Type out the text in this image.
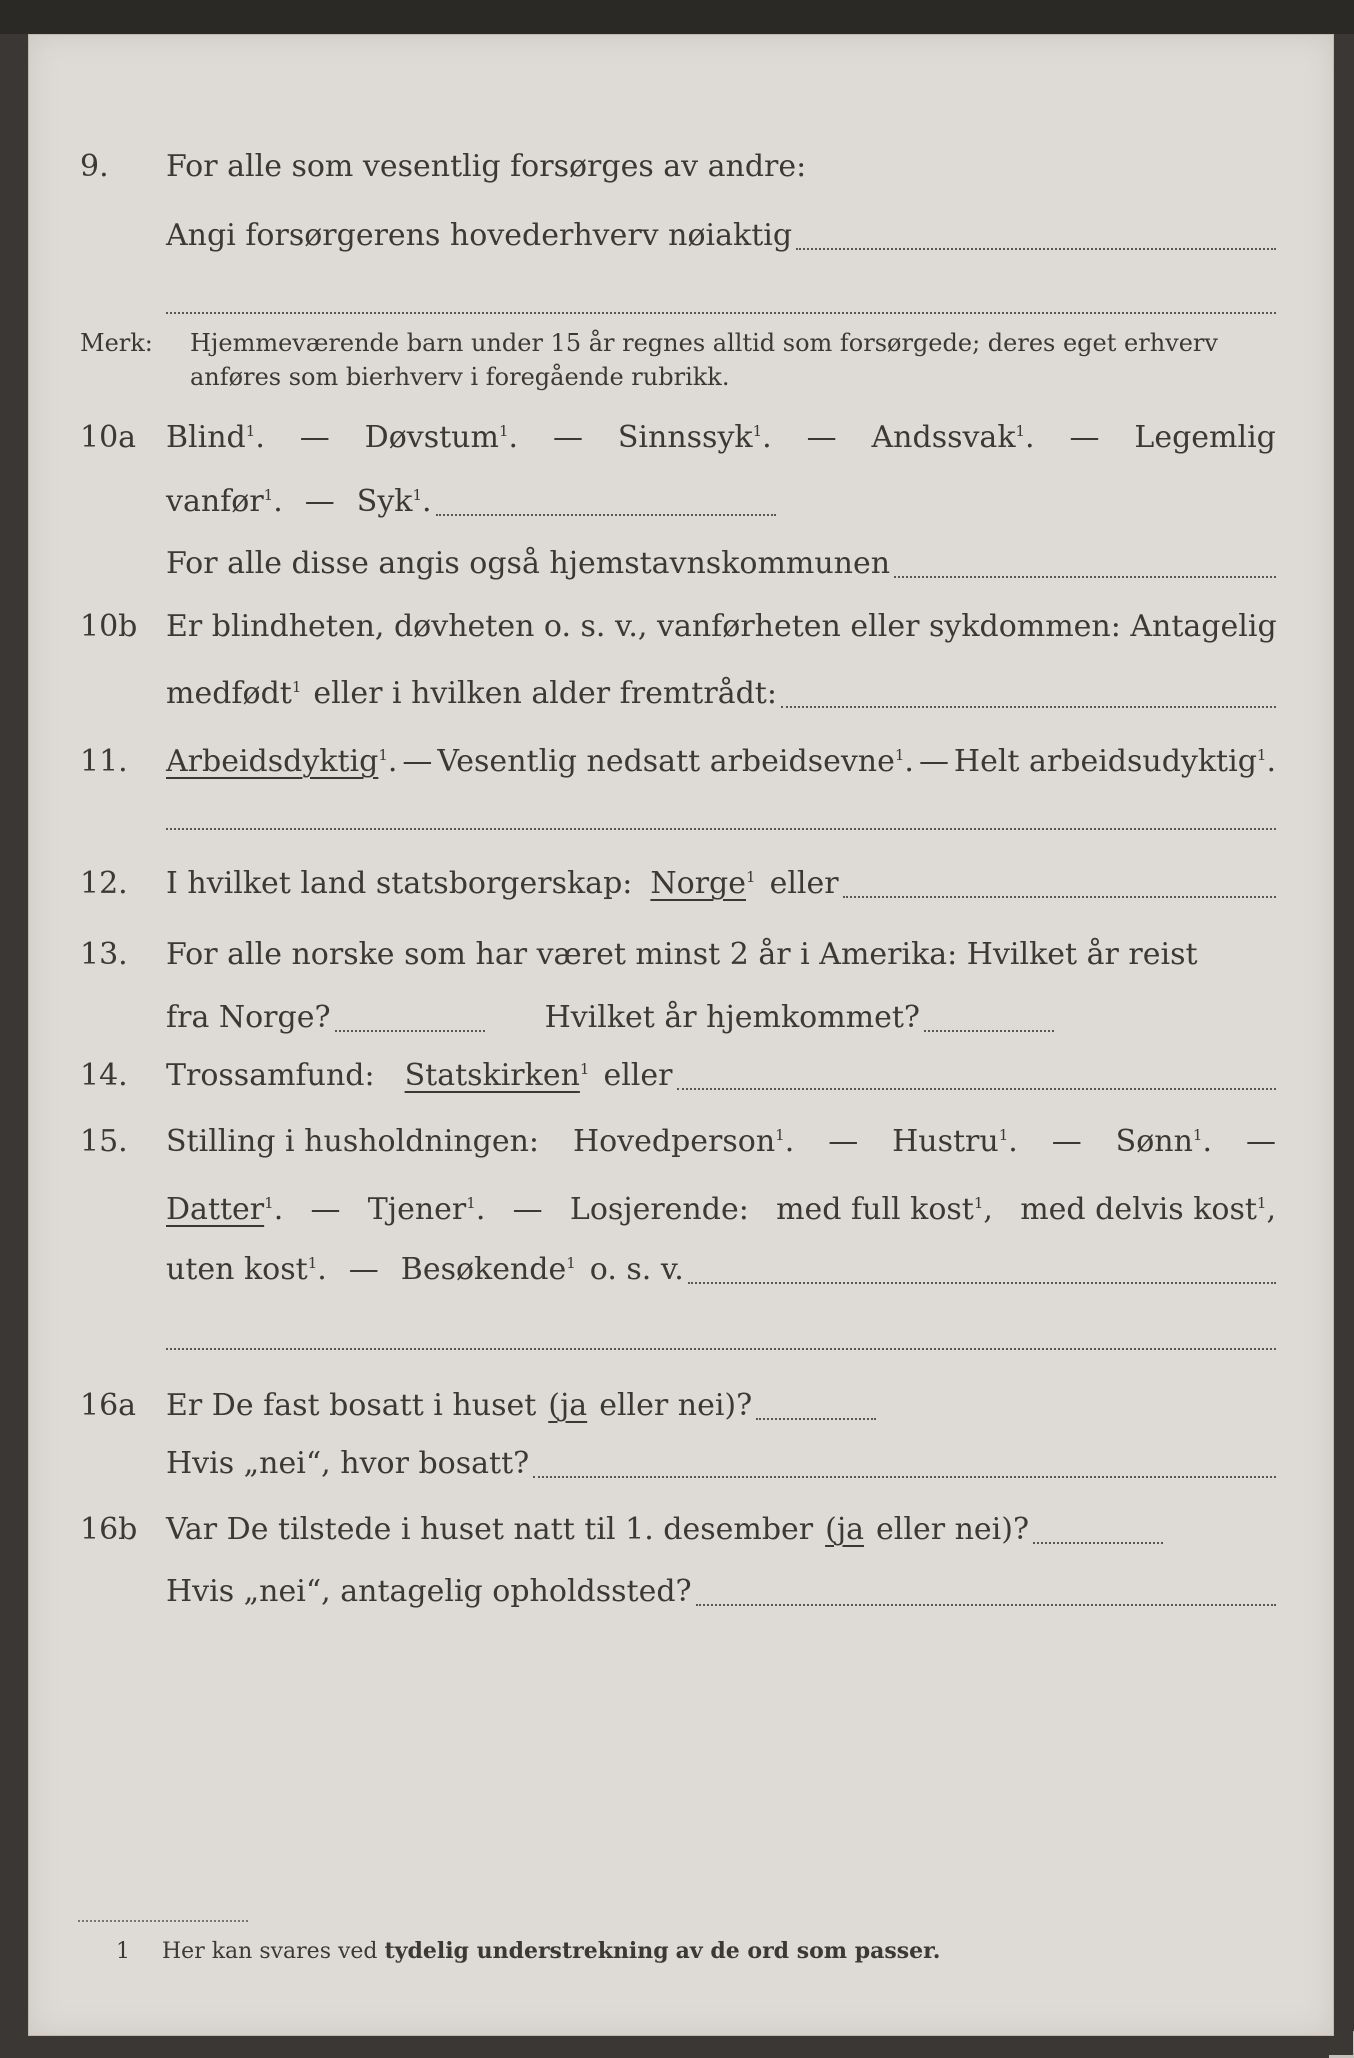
9.	For alle som vesentlig forsørges av andre:
Angi forsørgerens hovederhverv nøiaktig
Merk: Hjemmeværende barn under 15 år regnes alltid som forsørgede; deres eget erhverv
anføres som bierhverv i foregående rubrikk.
10a Blind$^1$. — Døvstum$^1$. — Sinnssyk$^1$. — Andssvak$^1$. — Legemlig
vanfør$^1$. — Syk$^1$.
For alle disse angis også hjemstavnskommunen
10b Er blindheten, døvheten o. s. v., vanførheten eller sykdommen: Antagelig
medfødt$^1$ eller i hvilken alder fremtrådt:
11.	Arbeidsdyktig$^1$. — Vesentlig nedsatt arbeidsevne$^1$. — Helt arbeidsudyktig$^1$.
12.	I hvilket land statsborgerskap: Norge$^1$ eller
13.	For alle norske som har været minst 2 år i Amerika: Hvilket år reist
fra Norge?	Hvilket år hjemkommet?
14.	Trossamfund: Statskirken$^1$ eller
15.	Stilling i husholdningen: Hovedperson$^1$. — Hustru$^1$. — Sønn$^1$. —
Datter$^1$. — Tjener$^1$. — Losjerende: med full kost$^1$, med delvis kost$^1$,
uten kost$^1$. — Besøkende$^1$ o. s. v.
16a Er De fast bosatt i huset (ja eller nei)?
Hvis „nei“, hvor bosatt?
16b Var De tilstede i huset natt til 1. desember (ja eller nei)?
Hvis „nei“, antagelig opholdssted?
1 Her kan svares ved tydelig understrekning av de ord som passer.
